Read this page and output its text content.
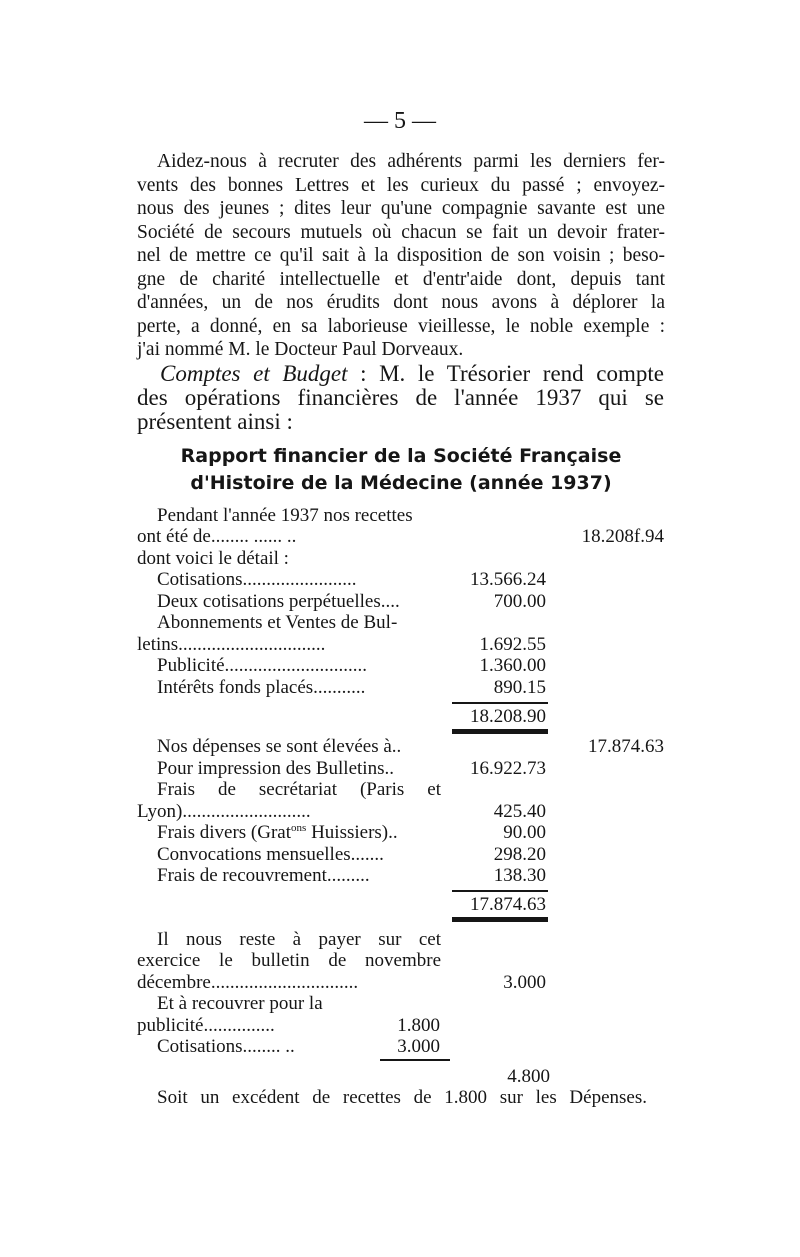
— 5 —
Aidez-nous à recruter des adhérents parmi les derniers fer-
vents des bonnes Lettres et les curieux du passé ; envoyez-
nous des jeunes ; dites leur qu'une compagnie savante est une
Société de secours mutuels où chacun se fait un devoir frater-
nel de mettre ce qu'il sait à la disposition de son voisin ; beso-
gne de charité intellectuelle et d'entr'aide dont, depuis tant
d'années, un de nos érudits dont nous avons à déplorer la
perte, a donné, en sa laborieuse vieillesse, le noble exemple :
j'ai nommé M. le Docteur Paul Dorveaux.
Comptes et Budget : M. le Trésorier rend compte
des opérations financières de l'année 1937 qui se
présentent ainsi :
Rapport financier de la Société Française
d'Histoire de la Médecine (année 1937)
Pendant l'année 1937 nos recettes
ont été de........ ...... ..	18.208f.94
dont voici le détail :
Cotisations........................	13.566.24
Deux cotisations perpétuelles....	700.00
Abonnements et Ventes de Bul-
letins...............................	1.692.55
Publicité..............................	1.360.00
Intérêts fonds placés...........	890.15
18.208.90
Nos dépenses se sont élevées à..	17.874.63
Pour impression des Bulletins..	16.922.73
Frais de secrétariat (Paris et
Lyon)...........................	425.40
Frais divers (Grat$^{ons}$ Huissiers)..	90.00
Convocations mensuelles.......	298.20
Frais de recouvrement.........	138.30
17.874.63
Il nous reste à payer sur cet
exercice le bulletin de novembre
décembre...............................	3.000
Et à recouvrer pour la
publicité...............	1.800
Cotisations........ ..	3.000
4.800
Soit un excédent de recettes de 1.800 sur les Dépenses.
